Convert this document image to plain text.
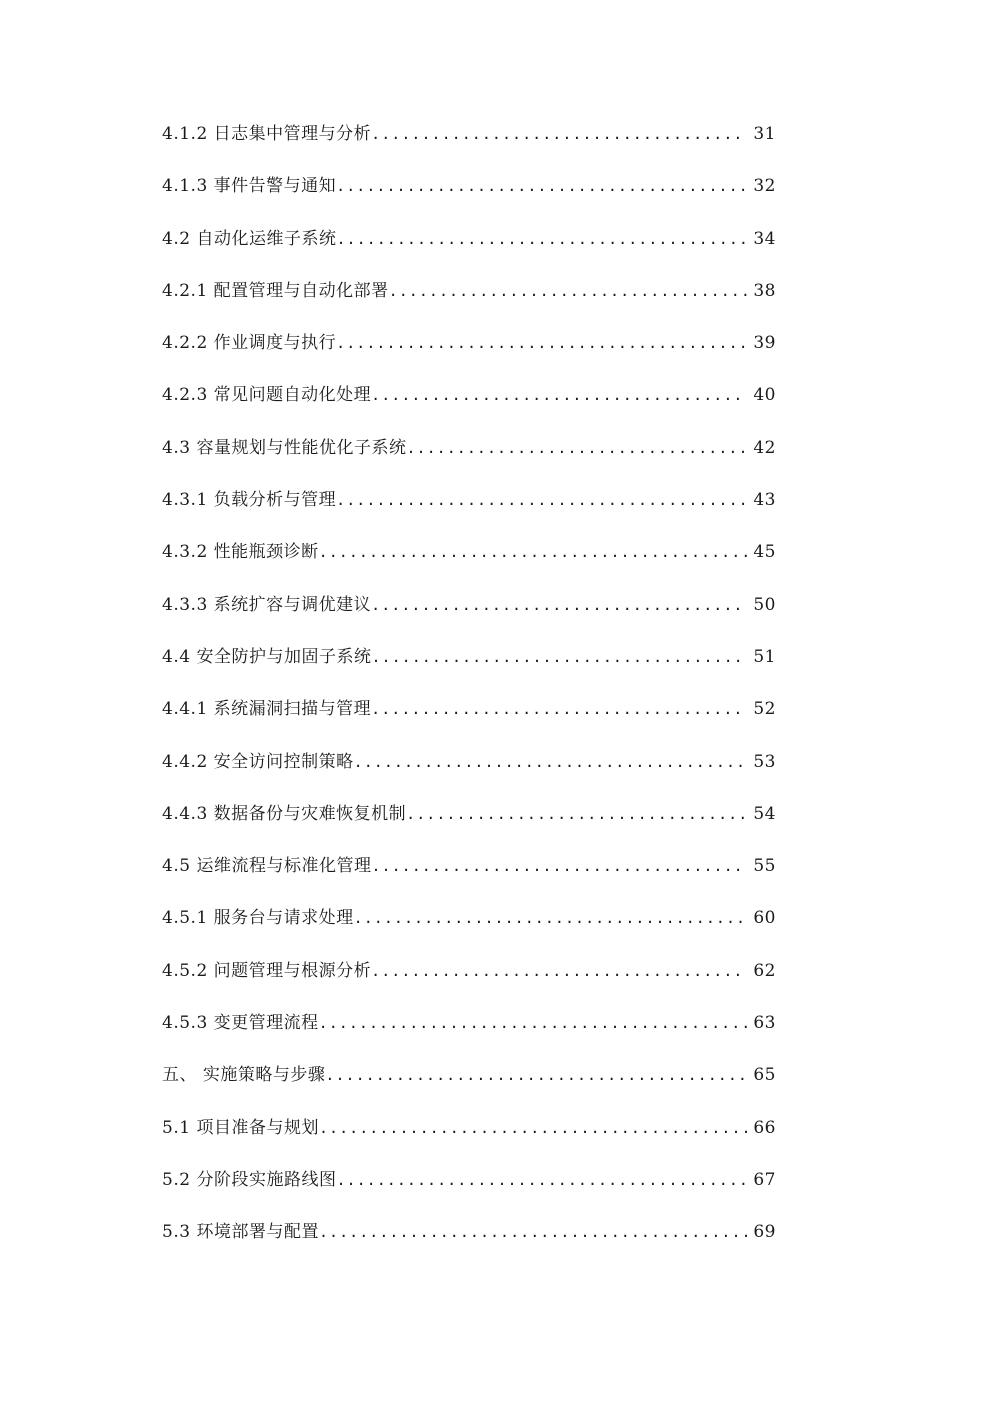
4.1.2 日志集中管理与分析 . . .	31
4.1.3 事件告警与通知 . . .	32
4.2 自动化运维子系统 . . .	34
4.2.1 配置管理与自动化部署 . . .	38
4.2.2 作业调度与执行 . . .	39
4.2.3 常见问题自动化处理 . . .	40
4.3 容量规划与性能优化子系统 . . .	42
4.3.1 负载分析与管理 . . .	43
4.3.2 性能瓶颈诊断 . . .	45
4.3.3 系统扩容与调优建议 . . .	50
4.4 安全防护与加固子系统 . . .	51
4.4.1 系统漏洞扫描与管理 . . .	52
4.4.2 安全访问控制策略 . . .	53
4.4.3 数据备份与灾难恢复机制 . . .	54
4.5 运维流程与标准化管理 . . .	55
4.5.1 服务台与请求处理 . . .	60
4.5.2 问题管理与根源分析 . . .	62
4.5.3 变更管理流程 . . .	63
五、 实施策略与步骤 . . .	65
5.1 项目准备与规划 . . .	66
5.2 分阶段实施路线图 . . .	67
5.3 环境部署与配置 . . .	69
